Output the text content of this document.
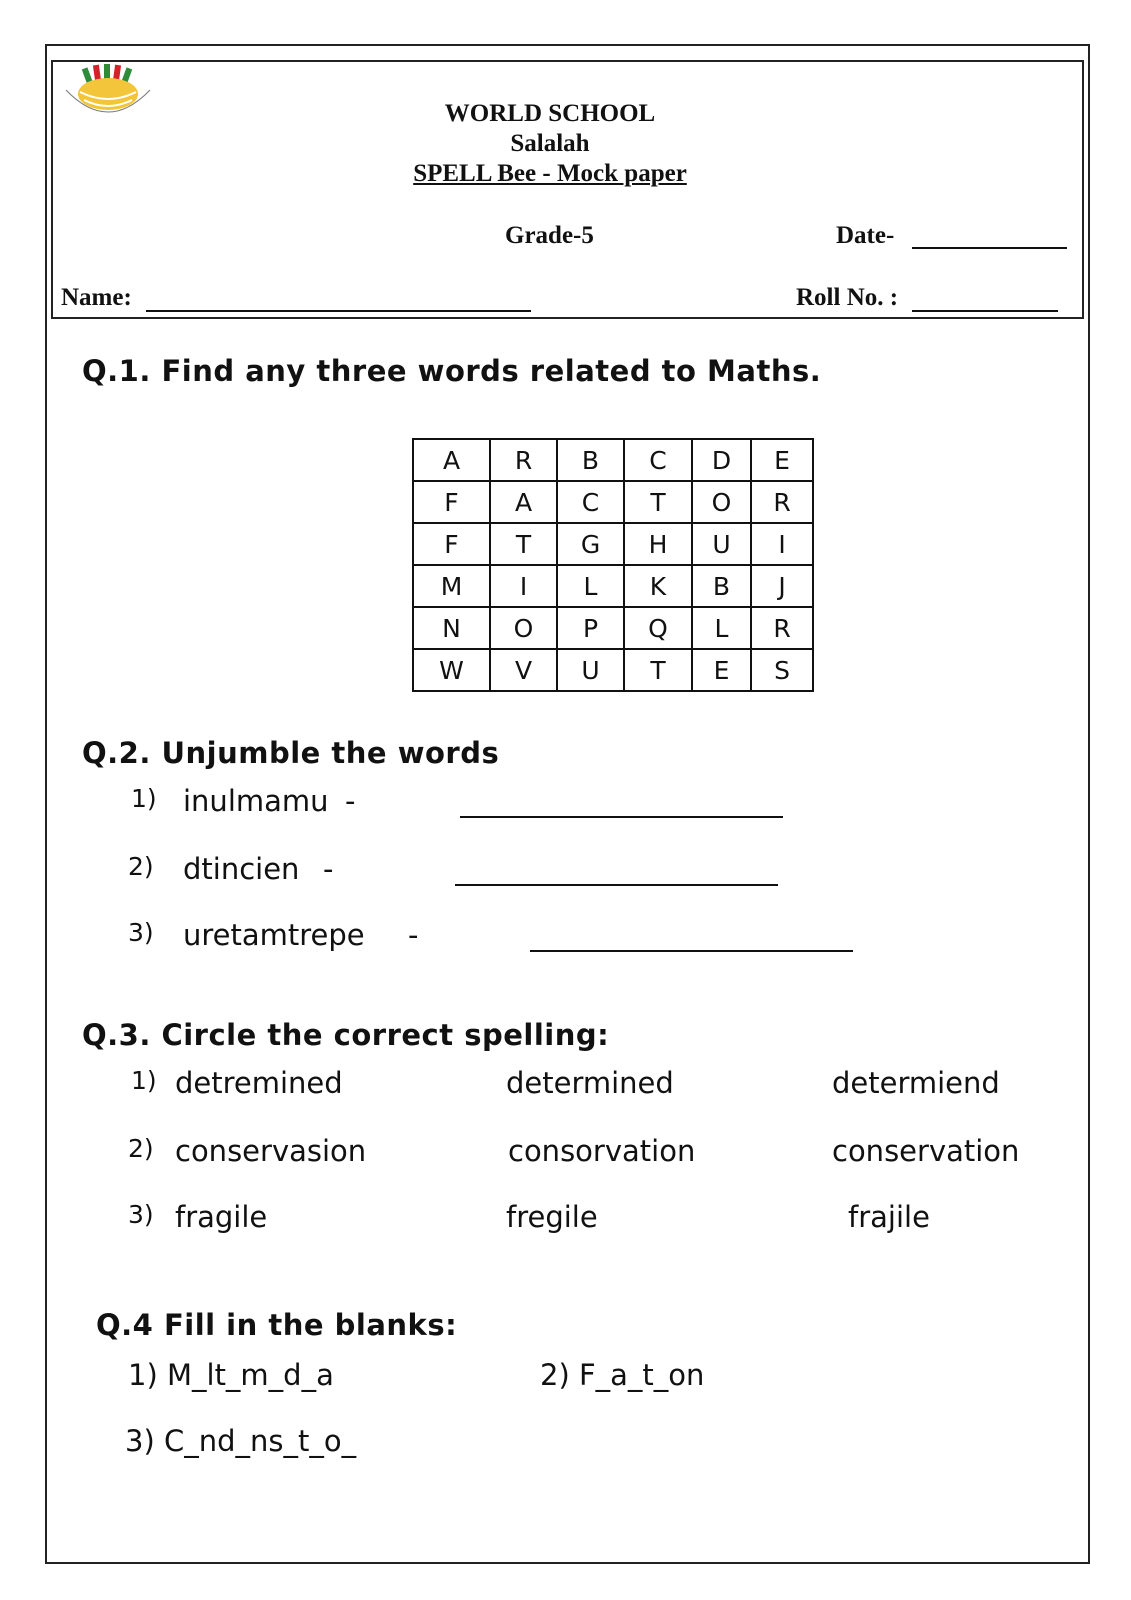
WORLD SCHOOL
Salalah
SPELL Bee - Mock paper
Grade-5	Date-
Name:	Roll No. :
Q.1. Find any three words related to Maths.
A	R	B	C	D	E
F	A	C	T	O	R
F	T	G	H	U	I
M	I	L	K	B	J
N	O	P	Q	L	R
W	V	U	T	E	S
Q.2. Unjumble the words
1) inulmamu -
2) dtincien -
3) uretamtrepe -
Q.3. Circle the correct spelling:
1) detremined	determined	determiend
2) conservasion	consorvation	conservation
3) fragile	fregile	frajile
Q.4 Fill in the blanks:
1) M_lt_m_d_a	2) F_a_t_on
3) C_nd_ns_t_o_
